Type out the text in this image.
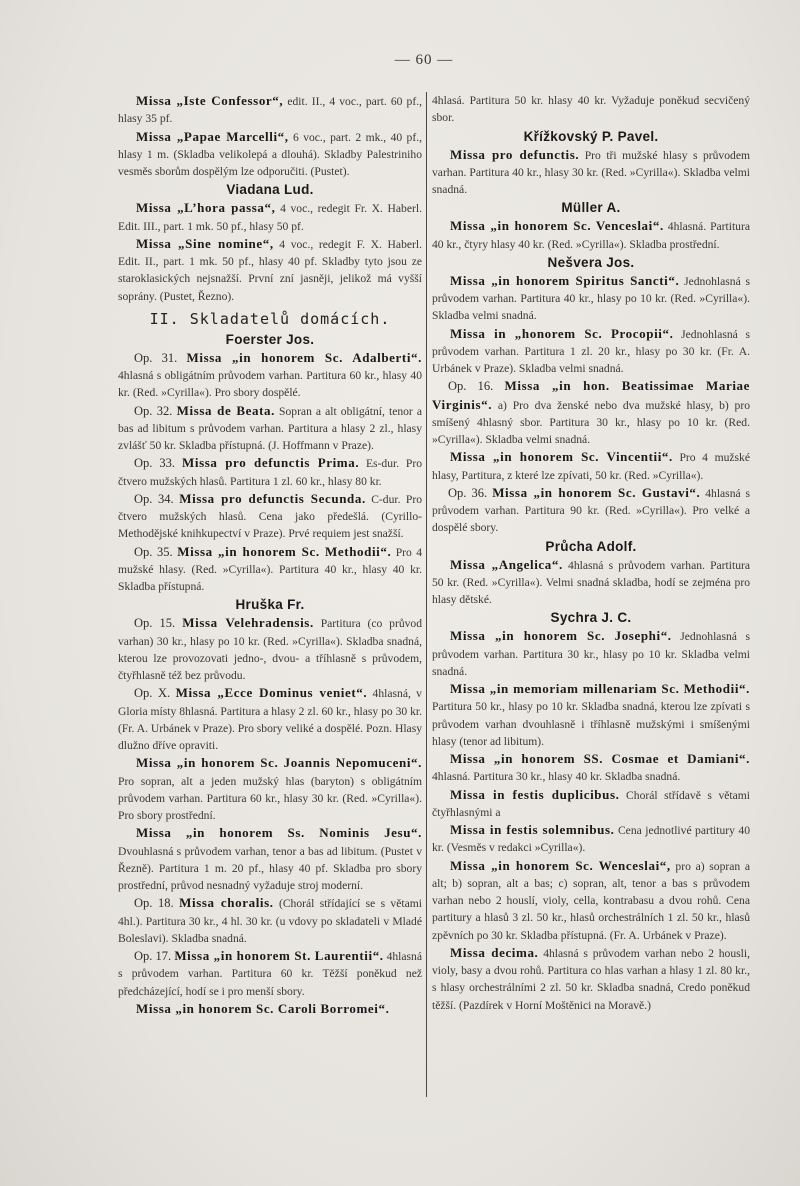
— 60 —

Missa „Iste Confessor“, edit. II., 4 voc., part. 60 pf., hlasy 35 pf.

Missa „Papae Marcelli“, 6 voc., part. 2 mk., 40 pf., hlasy 1 m. (Skladba velikolepá a dlouhá). Skladby Palestriniho vesměs sborům dospělým lze odporučiti. (Pustet).

Viadana Lud.

Missa „L’hora passa“, 4 voc., redegit Fr. X. Haberl. Edit. III., part. 1 mk. 50 pf., hlasy 50 pf.

Missa „Sine nomine“, 4 voc., redegit F. X. Haberl. Edit. II., part. 1 mk. 50 pf., hlasy 40 pf. Skladby tyto jsou ze staroklasických nejsnažší. První zní jasněji, jelikož má vyšší soprány. (Pustet, Řezno).

II. Skladatelů domácích.
Foerster Jos.

Op. 31. Missa „in honorem Sc. Adalberti“. 4hlasná s obligátním průvodem varhan. Partitura 60 kr., hlasy 40 kr. (Red. »Cyrilla«). Pro sbory dospělé.

Op. 32. Missa de Beata. Sopran a alt obligátní, tenor a bas ad libitum s průvodem varhan. Partitura a hlasy 2 zl., hlasy zvlášť 50 kr. Skladba přístupná. (J. Hoffmann v Praze).

Op. 33. Missa pro defunctis Prima. Es-dur. Pro čtvero mužských hlasů. Partitura 1 zl. 60 kr., hlasy 80 kr.

Op. 34. Missa pro defunctis Secunda. C-dur. Pro čtvero mužských hlasů. Cena jako předešlá. (Cyrillo-Methodějské knihkupectví v Praze). Prvé requiem jest snažší.

Op. 35. Missa „in honorem Sc. Methodii“. Pro 4 mužské hlasy. (Red. »Cyrilla«). Partitura 40 kr., hlasy 40 kr. Skladba přístupná.

Hruška Fr.

Op. 15. Missa Velehradensis. Partitura (co průvod varhan) 30 kr., hlasy po 10 kr. (Red. »Cyrilla«). Skladba snadná, kterou lze provozovati jedno-, dvou- a tříhlasně s průvodem, čtyřhlasně též bez průvodu.

Op. X. Missa „Ecce Dominus veniet“. 4hlasná, v Gloria místy 8hlasná. Partitura a hlasy 2 zl. 60 kr., hlasy po 30 kr. (Fr. A. Urbánek v Praze). Pro sbory veliké a dospělé. Pozn. Hlasy dlužno dříve opraviti.

Missa „in honorem Sc. Joannis Nepomuceni“. Pro sopran, alt a jeden mužský hlas (baryton) s obligátním průvodem varhan. Partitura 60 kr., hlasy 30 kr. (Red. »Cyrilla«). Pro sbory prostřední.

Missa „in honorem Ss. Nominis Jesu“. Dvouhlasná s průvodem varhan, tenor a bas ad libitum. (Pustet v Řezně). Partitura 1 m. 20 pf., hlasy 40 pf. Skladba pro sbory prostřední, průvod nesnadný vyžaduje stroj moderní.

Op. 18. Missa choralis. (Chorál střídající se s větami 4hl.). Partitura 30 kr., 4 hl. 30 kr. (u vdovy po skladateli v Mladé Boleslavi). Skladba snadná.

Op. 17. Missa „in honorem St. Laurentii“. 4hlasná s průvodem varhan. Partitura 60 kr. Těžší poněkud než předcházející, hodí se i pro menší sbory.

Missa „in honorem Sc. Caroli Borromei“.

4hlasá. Partitura 50 kr. hlasy 40 kr. Vyžaduje poněkud secvičený sbor.

Křížkovský P. Pavel.

Missa pro defunctis. Pro tři mužské hlasy s průvodem varhan. Partitura 40 kr., hlasy 30 kr. (Red. »Cyrilla«). Skladba velmi snadná.

Müller A.

Missa „in honorem Sc. Venceslai“. 4hlasná. Partitura 40 kr., čtyry hlasy 40 kr. (Red. »Cyrilla«). Skladba prostřední.

Nešvera Jos.

Missa „in honorem Spiritus Sancti“. Jednohlasná s průvodem varhan. Partitura 40 kr., hlasy po 10 kr. (Red. »Cyrilla«). Skladba velmi snadná.

Missa in „honorem Sc. Procopii“. Jednohlasná s průvodem varhan. Partitura 1 zl. 20 kr., hlasy po 30 kr. (Fr. A. Urbánek v Praze). Skladba velmi snadná.

Op. 16. Missa „in hon. Beatissimae Mariae Virginis“. a) Pro dva ženské nebo dva mužské hlasy, b) pro smíšený 4hlasný sbor. Partitura 30 kr., hlasy po 10 kr. (Red. »Cyrilla«). Skladba velmi snadná.

Missa „in honorem Sc. Vincentii“. Pro 4 mužské hlasy, Partitura, z které lze zpívati, 50 kr. (Red. »Cyrilla«).

Op. 36. Missa „in honorem Sc. Gustavi“. 4hlasná s průvodem varhan. Partitura 90 kr. (Red. »Cyrilla«). Pro velké a dospělé sbory.

Průcha Adolf.

Missa „Angelica“. 4hlasná s průvodem varhan. Partitura 50 kr. (Red. »Cyrilla«). Velmi snadná skladba, hodí se zejména pro hlasy dětské.

Sychra J. C.

Missa „in honorem Sc. Josephi“. Jednohlasná s průvodem varhan. Partitura 30 kr., hlasy po 10 kr. Skladba velmi snadná.

Missa „in memoriam millenariam Sc. Methodii“. Partitura 50 kr., hlasy po 10 kr. Skladba snadná, kterou lze zpívati s průvodem varhan dvouhlasně i tříhlasně mužskými i smíšenými hlasy (tenor ad libitum).

Missa „in honorem SS. Cosmae et Damiani“. 4hlasná. Partitura 30 kr., hlasy 40 kr. Skladba snadná.

Missa in festis duplicibus. Chorál střídavě s větami čtyřhlasnými a

Missa in festis solemnibus. Cena jednotlivé partitury 40 kr. (Vesměs v redakci »Cyrilla«).

Missa „in honorem Sc. Wenceslai“, pro a) sopran a alt; b) sopran, alt a bas; c) sopran, alt, tenor a bas s průvodem varhan nebo 2 houslí, violy, cella, kontrabasu a dvou rohů. Cena partitury a hlasů 3 zl. 50 kr., hlasů orchestrálních 1 zl. 50 kr., hlasů zpěvních po 30 kr. Skladba přístupná. (Fr. A. Urbánek v Praze).

Missa decima. 4hlasná s průvodem varhan nebo 2 housli, violy, basy a dvou rohů. Partitura co hlas varhan a hlasy 1 zl. 80 kr., s hlasy orchestrálními 2 zl. 50 kr. Skladba snadná, Credo poněkud těžší. (Pazdírek v Horní Moštěnici na Moravě.)
